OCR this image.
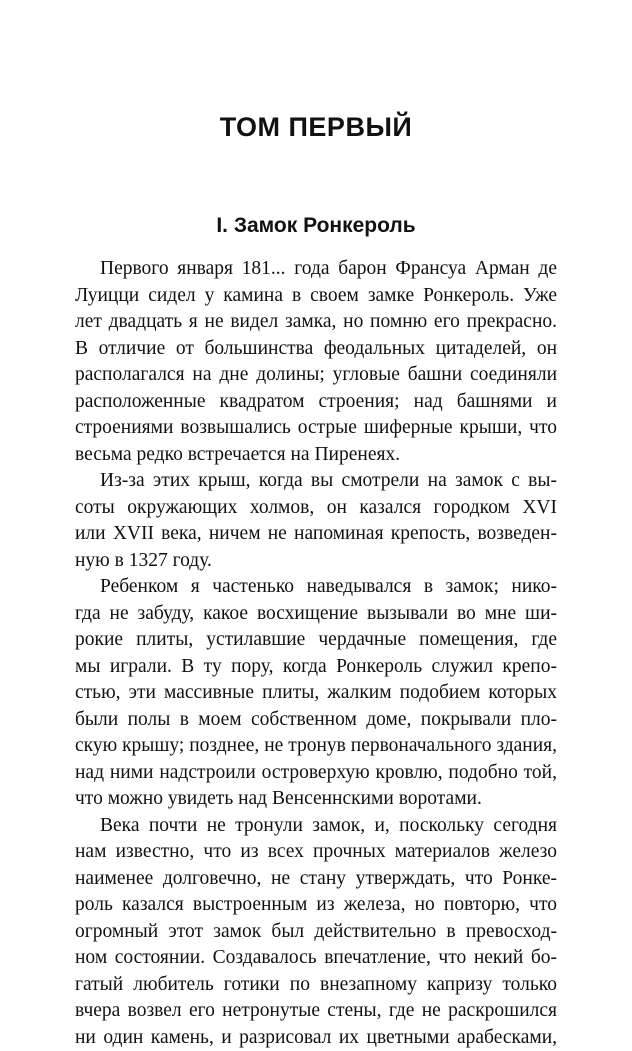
ТОМ ПЕРВЫЙ
I. Замок Ронкероль
Первого января 181... года барон Франсуа Арман де
Луицци сидел у камина в своем замке Ронкероль. Уже
лет двадцать я не видел замка, но помню его прекрасно.
В отличие от большинства феодальных цитаделей, он
располагался на дне долины; угловые башни соединяли
расположенные квадратом строения; над башнями и
строениями возвышались острые шиферные крыши, что
весьма редко встречается на Пиренеях.
Из-за этих крыш, когда вы смотрели на замок с вы-
соты окружающих холмов, он казался городком XVI
или XVII века, ничем не напоминая крепость, возведен-
ную в 1327 году.
Ребенком я частенько наведывался в замок; нико-
гда не забуду, какое восхищение вызывали во мне ши-
рокие плиты, устилавшие чердачные помещения, где
мы играли. В ту пору, когда Ронкероль служил крепо-
стью, эти массивные плиты, жалким подобием которых
были полы в моем собственном доме, покрывали пло-
скую крышу; позднее, не тронув первоначального здания,
над ними надстроили островерхую кровлю, подобно той,
что можно увидеть над Венсеннскими воротами.
Века почти не тронули замок, и, поскольку сегодня
нам известно, что из всех прочных материалов железо
наименее долговечно, не стану утверждать, что Ронке-
роль казался выстроенным из железа, но повторю, что
огромный этот замок был действительно в превосход-
ном состоянии. Создавалось впечатление, что некий бо-
гатый любитель готики по внезапному капризу только
вчера возвел его нетронутые стены, где не раскрошился
ни один камень, и разрисовал их цветными арабесками,
